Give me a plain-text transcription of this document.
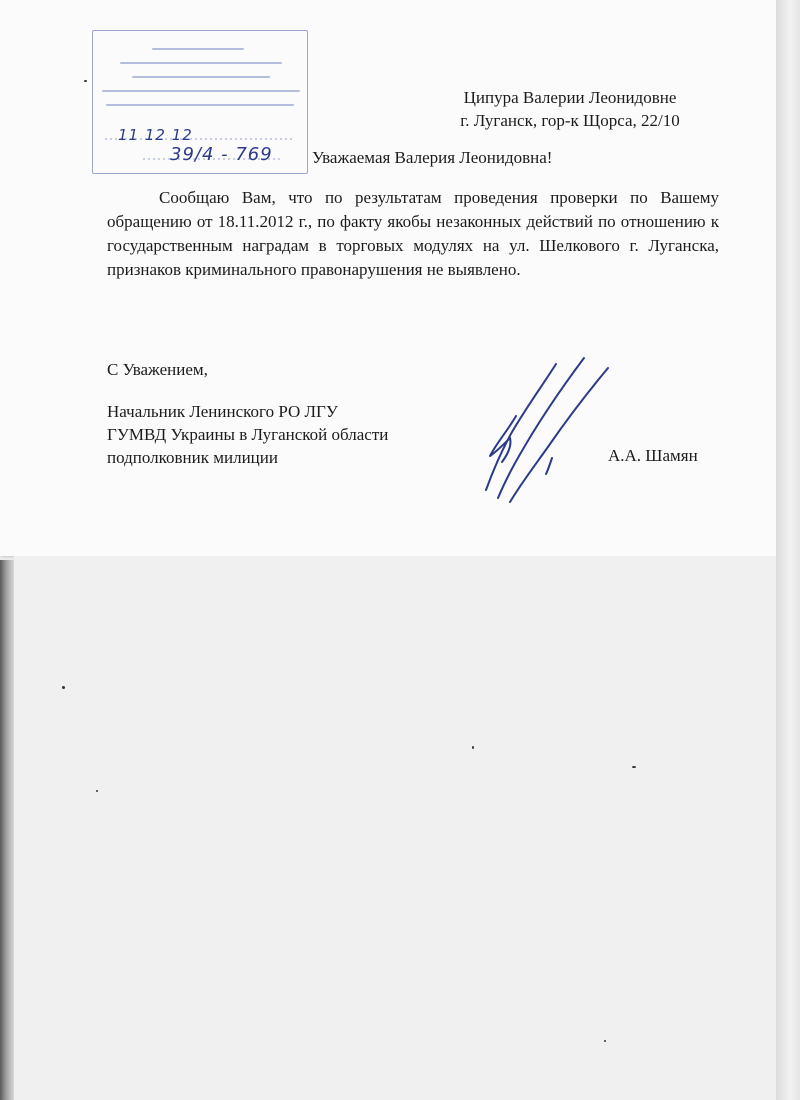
11 12 12
39/4 - 769
Ципура Валерии Леонидовне
г. Луганск, гор-к Щорса, 22/10
Уважаемая Валерия Леонидовна!

Сообщаю Вам, что по результатам проведения проверки по Вашему обращению от 18.11.2012 г., по факту якобы незаконных действий по отношению к государственным наградам в торговых модулях на ул. Шелкового г. Луганска, признаков криминального правонарушения не выявлено.

С Уважением,
Начальник Ленинского РО ЛГУ
ГУМВД Украины в Луганской области
подполковник милиции	А.А. Шамян
